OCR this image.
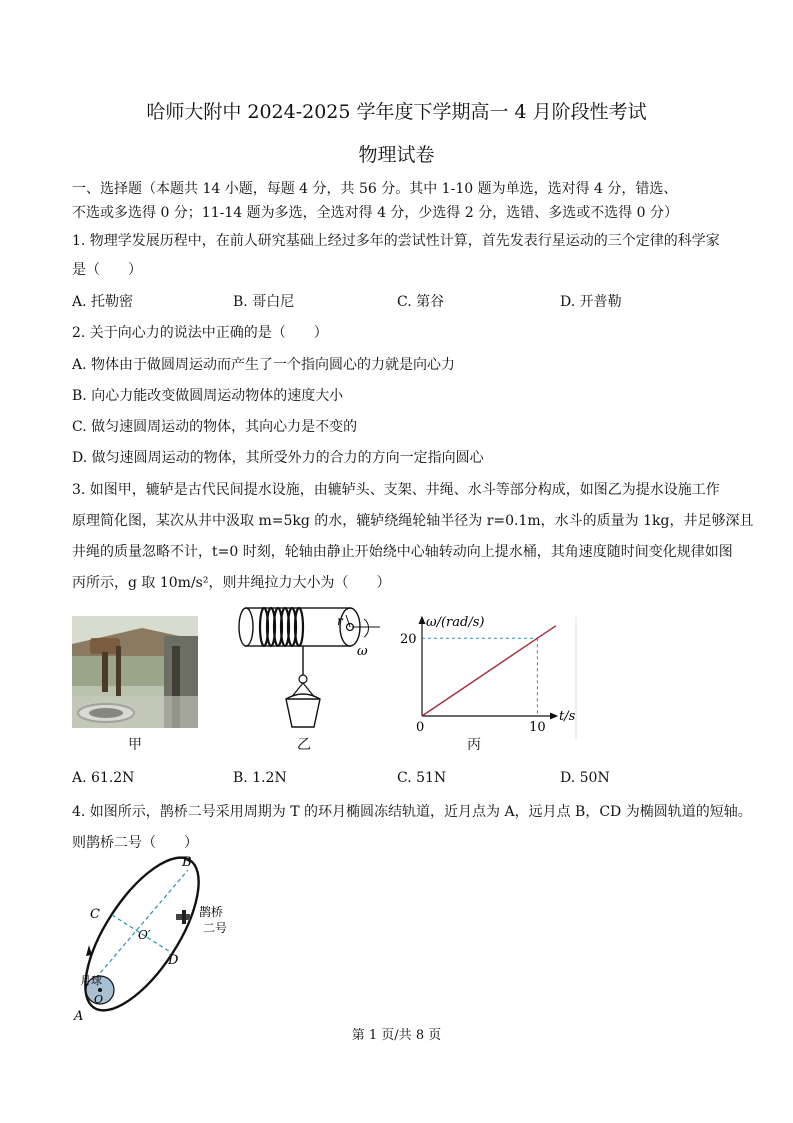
哈师大附中 2024-2025 学年度下学期高一 4 月阶段性考试
物理试卷
一、选择题（本题共 14 小题，每题 4 分，共 56 分。其中 1-10 题为单选，选对得 4 分，错选、
不选或多选得 0 分；11-14 题为多选，全选对得 4 分，少选得 2 分，选错、多选或不选得 0 分）
1. 物理学发展历程中，在前人研究基础上经过多年的尝试性计算，首先发表行星运动的三个定律的科学家
是（　　）
A. 托勒密	B. 哥白尼	C. 第谷	D. 开普勒
2. 关于向心力的说法中正确的是（　　）
A. 物体由于做圆周运动而产生了一个指向圆心的力就是向心力
B. 向心力能改变做圆周运动物体的速度大小
C. 做匀速圆周运动的物体，其向心力是不变的
D. 做匀速圆周运动的物体，其所受外力的合力的方向一定指向圆心
3. 如图甲，辘轳是古代民间提水设施，由辘轳头、支架、井绳、水斗等部分构成，如图乙为提水设施工作
原理简化图，某次从井中汲取 m=5kg 的水，辘轳绕绳轮轴半径为 r=0.1m，水斗的质量为 1kg，井足够深且
井绳的质量忽略不计，t=0 时刻，轮轴由静止开始绕中心轴转动向上提水桶，其角速度随时间变化规律如图
丙所示，g 取 10m/s²，则井绳拉力大小为（　　）
甲
r
ω
乙
ω/(rad/s)
t/s
0	10
20
丙
A. 61.2N	B. 1.2N	C. 51N	D. 50N
4. 如图所示，鹊桥二号采用周期为 T 的环月椭圆冻结轨道，近月点为 A，远月点 B，CD 为椭圆轨道的短轴。
则鹊桥二号（　　）
B
C
O′
D
月球
O
A
鹊桥
二号
第 1 页/共 8 页
